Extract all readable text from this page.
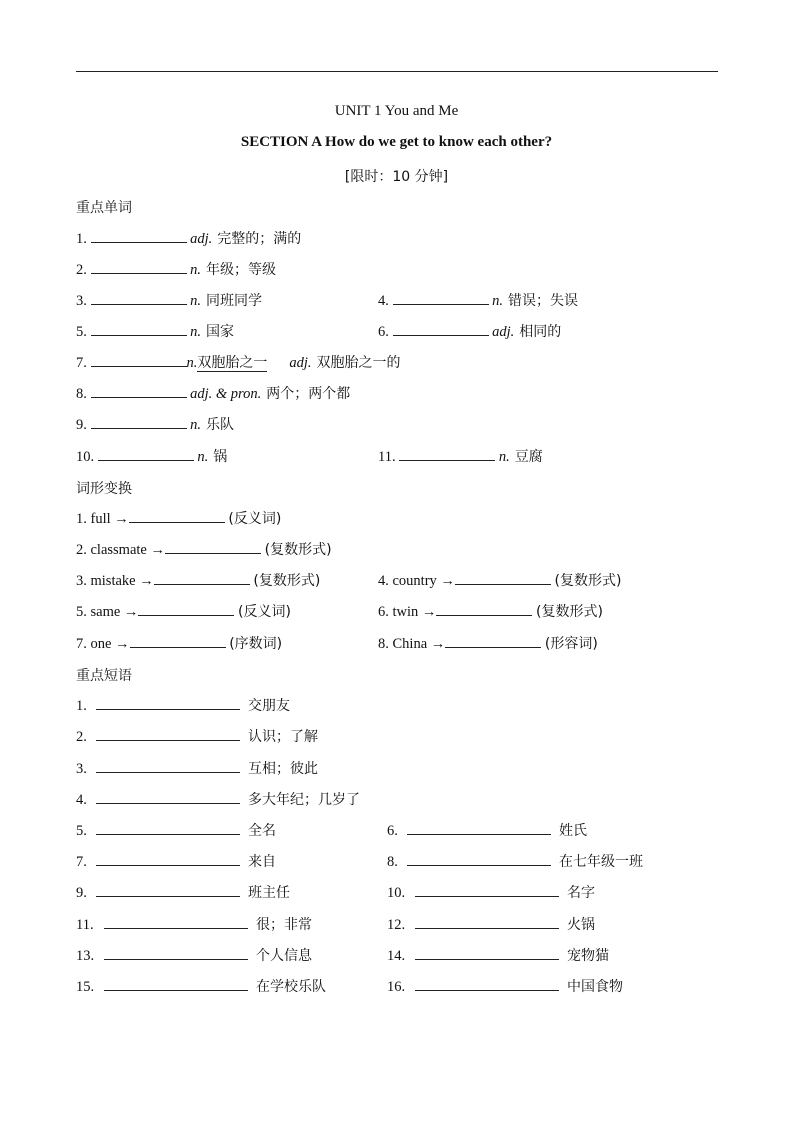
UNIT 1 You and Me
SECTION A How do we get to know each other?
[限时：10 分钟]
重点单词
1.	adj. 完整的；满的
2.	n. 年级；等级
3.	n. 同班同学	4.	n. 错误；失误
5.	n. 国家	6.	adj. 相同的
7.	n.双胞胎之一 adj. 双胞胎之一的
8.	adj. & pron. 两个；两个都
9.	n. 乐队
10.	n. 锅	11.	n. 豆腐
词形变换
1. full →	(反义词)
2. classmate →	(复数形式)
3. mistake →	(复数形式)	4. country →	(复数形式)
5. same →	(反义词)	6. twin →	(复数形式)
7. one →	(序数词)	8. China →	(形容词)
重点短语
1.	交朋友
2.	认识；了解
3.	互相；彼此
4.	多大年纪；几岁了
5.	全名	6.	姓氏
7.	来自	8.	在七年级一班
9.	班主任	10.	名字
11.	很；非常	12.	火锅
13.	个人信息	14.	宠物猫
15.	在学校乐队	16.	中国食物
